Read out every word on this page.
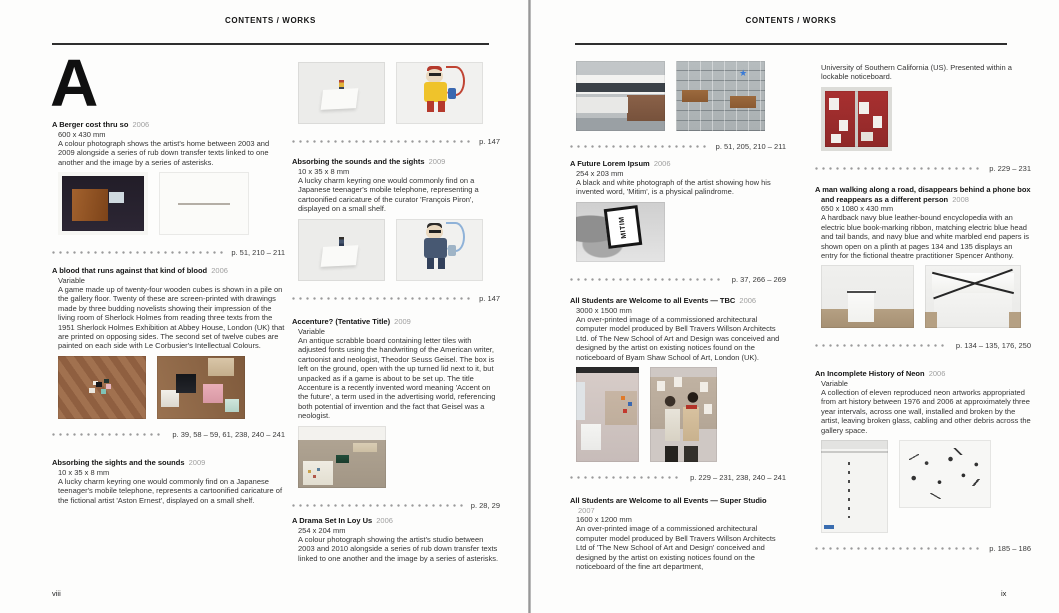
CONTENTS / WORKS
A
viii
A Berger cost thru so 2006
600 x 430 mm
A colour photograph shows the artist's home between 2003 and 2009 alongside a series of rub down transfer texts linked to one another and the image by a series of asterisks.
p. 51, 210 – 211
A blood that runs against that kind of blood 2006
Variable
A game made up of twenty-four wooden cubes is shown in a pile on the gallery floor. Twenty of these are screen-printed with drawings made by three budding novelists showing their impression of the living room of Sherlock Holmes from reading three texts from the 1951 Sherlock Holmes Exhibition at Abbey House, London (UK) that are printed on opposing sides. The second set of twelve cubes are painted on each side with Le Corbusier's Intellectual Colours.
p. 39, 58 – 59, 61, 238, 240 – 241
Absorbing the sights and the sounds 2009
10 x 35 x 8 mm
A lucky charm keyring one would commonly find on a Japanese teenager's mobile telephone, represents a cartoonified caricature of the fictional artist 'Aston Ernest', displayed on a small shelf.
p. 147
Absorbing the sounds and the sights 2009
10 x 35 x 8 mm
A lucky charm keyring one would commonly find on a Japanese teenager's mobile telephone, representing a cartoonified caricature of the curator 'François Piron', displayed on a small shelf.
p. 147
Accenture? (Tentative Title) 2009
Variable
An antique scrabble board containing letter tiles with adjusted fonts using the handwriting of the American writer, cartoonist and neologist, Theodor Seuss Geisel. The box is left on the ground, open with the up turned lid next to it, but unpacked as if a game is about to be set up. The title Accenture is a recently invented word meaning 'Accent on the future', a term used in the advertising world, referencing both potential of invention and the fact that Geisel was a neologist.
p. 28, 29
A Drama Set In Loy Us 2006
254 x 204 mm
A colour photograph showing the artist's studio between 2003 and 2010 alongside a series of rub down transfer texts linked to one another and the image by a series of asterisks.
CONTENTS / WORKS
ix
★
p. 51, 205, 210 – 211
A Future Lorem Ipsum 2006
254 x 203 mm
A black and white photograph of the artist showing how his invented word, 'Mitim', is a physical palindrome.
MITIM
p. 37, 266 – 269
All Students are Welcome to all Events — TBC 2006
3000 x 1500 mm
An over-printed image of a commissioned architectural computer model produced by Bell Travers Willson Architects Ltd. of The New School of Art and Design was conceived and designed by the artist on existing notices found on the noticeboard of Byam Shaw School of Art, London (UK).
p. 229 – 231, 238, 240 – 241
All Students are Welcome to all Events — Super Studio 2007
1600 x 1200 mm
An over-printed image of a commissioned architectural computer model produced by Bell Travers Willson Architects Ltd of 'The New School of Art and Design' conceived and designed by the artist on existing notices found on the noticeboard of the fine art department,
University of Southern California (US). Presented within a lockable noticeboard.
p. 229 – 231
A man walking along a road, disappears behind a phone box and reappears as a different person 2008
650 x 1080 x 430 mm
A hardback navy blue leather-bound encyclopedia with an electric blue book-marking ribbon, matching electric blue head and tail bands, and navy blue and white marbled end papers is shown open on a plinth at pages 134 and 135 displays an entry for the fictional theatre practitioner Spencer Anthony.
p. 134 – 135, 176, 250
An Incomplete History of Neon 2006
Variable
A collection of eleven reproduced neon artworks appropriated from art history between 1976 and 2006 at approximately three year intervals, across one wall, installed and broken by the artist, leaving broken glass, cabling and other debris across the gallery space.
p. 185 – 186
